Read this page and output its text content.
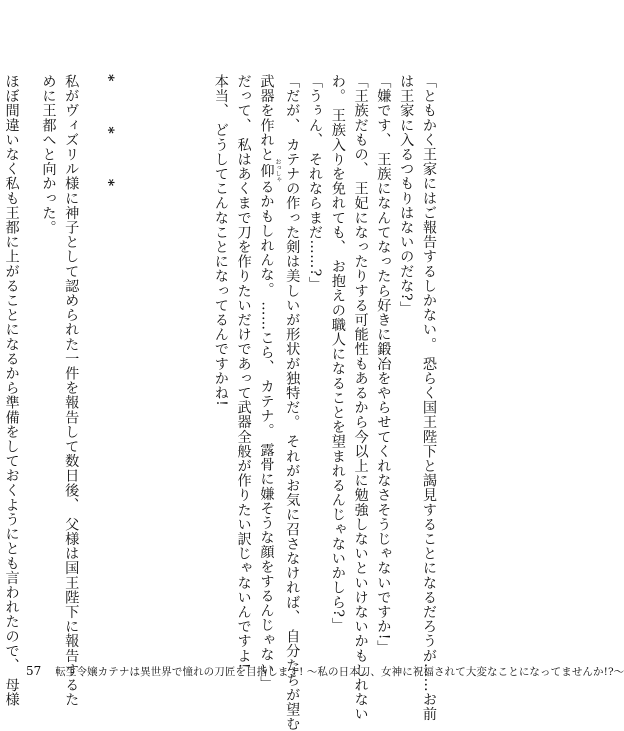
「ともかく王家にはご報告するしかない。 恐らく国王陛下と謁見することになるだろうが……お前
は王家に入るつもりはないのだな?」
「嫌です、 王族になんてなったら好きに鍛冶をやらせてくれなさそうじゃないですか!」
「王族だもの、 王妃になったりする可能性もあるから今以上に勉強しないといけないかもしれない
わ。 王族入りを免れても、 お抱えの職人になることを望まれるんじゃないかしら?」
「うぅん、 それならまだ……?」
「だが、 カテナの作った剣は美しいが形状が独特だ。 それがお気に召さなければ、 自分たちが望む
武器を作れと仰 おっしゃるかもしれんな。 ……こら、 カテナ。 露骨に嫌そうな顔をするんじゃない」
だって、 私はあくまで刀を作りたいだけであって武器全般が作りたい訳じゃないんですよ!
本当、 どうしてこんなことになってるんですかね!
* * *
私がヴィズリル様に神子として認められた一件を報告して数日後、 父様は国王陛下に報告するた
めに王都へと向かった。
ほぼ間違いなく私も王都に上がることになるから準備をしておくようにとも言われたので、 母様 57 転生令嬢カテナは異世界で憧れの刀匠を目指します! 〜私の日本刀、女神に祝福されて大変なことになってませんか!?〜
